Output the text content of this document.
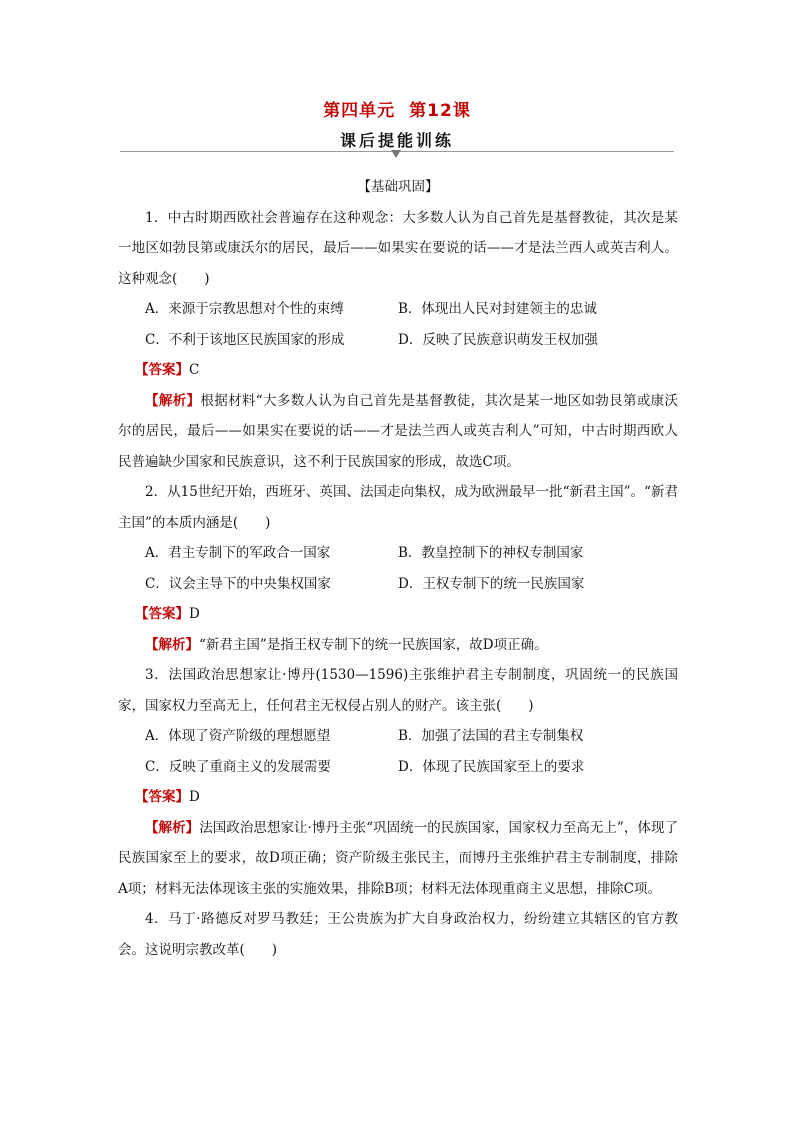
第四单元 第12课
课后提能训练
【基础巩固】
1．中古时期西欧社会普遍存在这种观念：大多数人认为自己首先是基督教徒，其次是某一地区如勃艮第或康沃尔的居民，最后——如果实在要说的话——才是法兰西人或英吉利人。这种观念(　　)
A．来源于宗教思想对个性的束缚	B．体现出人民对封建领主的忠诚
C．不利于该地区民族国家的形成	D．反映了民族意识萌发王权加强
【答案】C
【解析】根据材料“大多数人认为自己首先是基督教徒，其次是某一地区如勃艮第或康沃尔的居民，最后——如果实在要说的话——才是法兰西人或英吉利人”可知，中古时期西欧人民普遍缺少国家和民族意识，这不利于民族国家的形成，故选C项。
2．从15世纪开始，西班牙、英国、法国走向集权，成为欧洲最早一批“新君主国”。“新君主国”的本质内涵是(　　)
A．君主专制下的军政合一国家	B．教皇控制下的神权专制国家
C．议会主导下的中央集权国家	D．王权专制下的统一民族国家
【答案】D
【解析】“新君主国”是指王权专制下的统一民族国家，故D项正确。
3．法国政治思想家让·博丹(1530—1596)主张维护君主专制制度，巩固统一的民族国家，国家权力至高无上，任何君主无权侵占别人的财产。该主张(　　)
A．体现了资产阶级的理想愿望	B．加强了法国的君主专制集权
C．反映了重商主义的发展需要	D．体现了民族国家至上的要求
【答案】D
【解析】法国政治思想家让·博丹主张“巩固统一的民族国家，国家权力至高无上”，体现了民族国家至上的要求，故D项正确；资产阶级主张民主，而博丹主张维护君主专制制度，排除A项；材料无法体现该主张的实施效果，排除B项；材料无法体现重商主义思想，排除C项。
4．马丁·路德反对罗马教廷；王公贵族为扩大自身政治权力，纷纷建立其辖区的官方教会。这说明宗教改革(　　)
